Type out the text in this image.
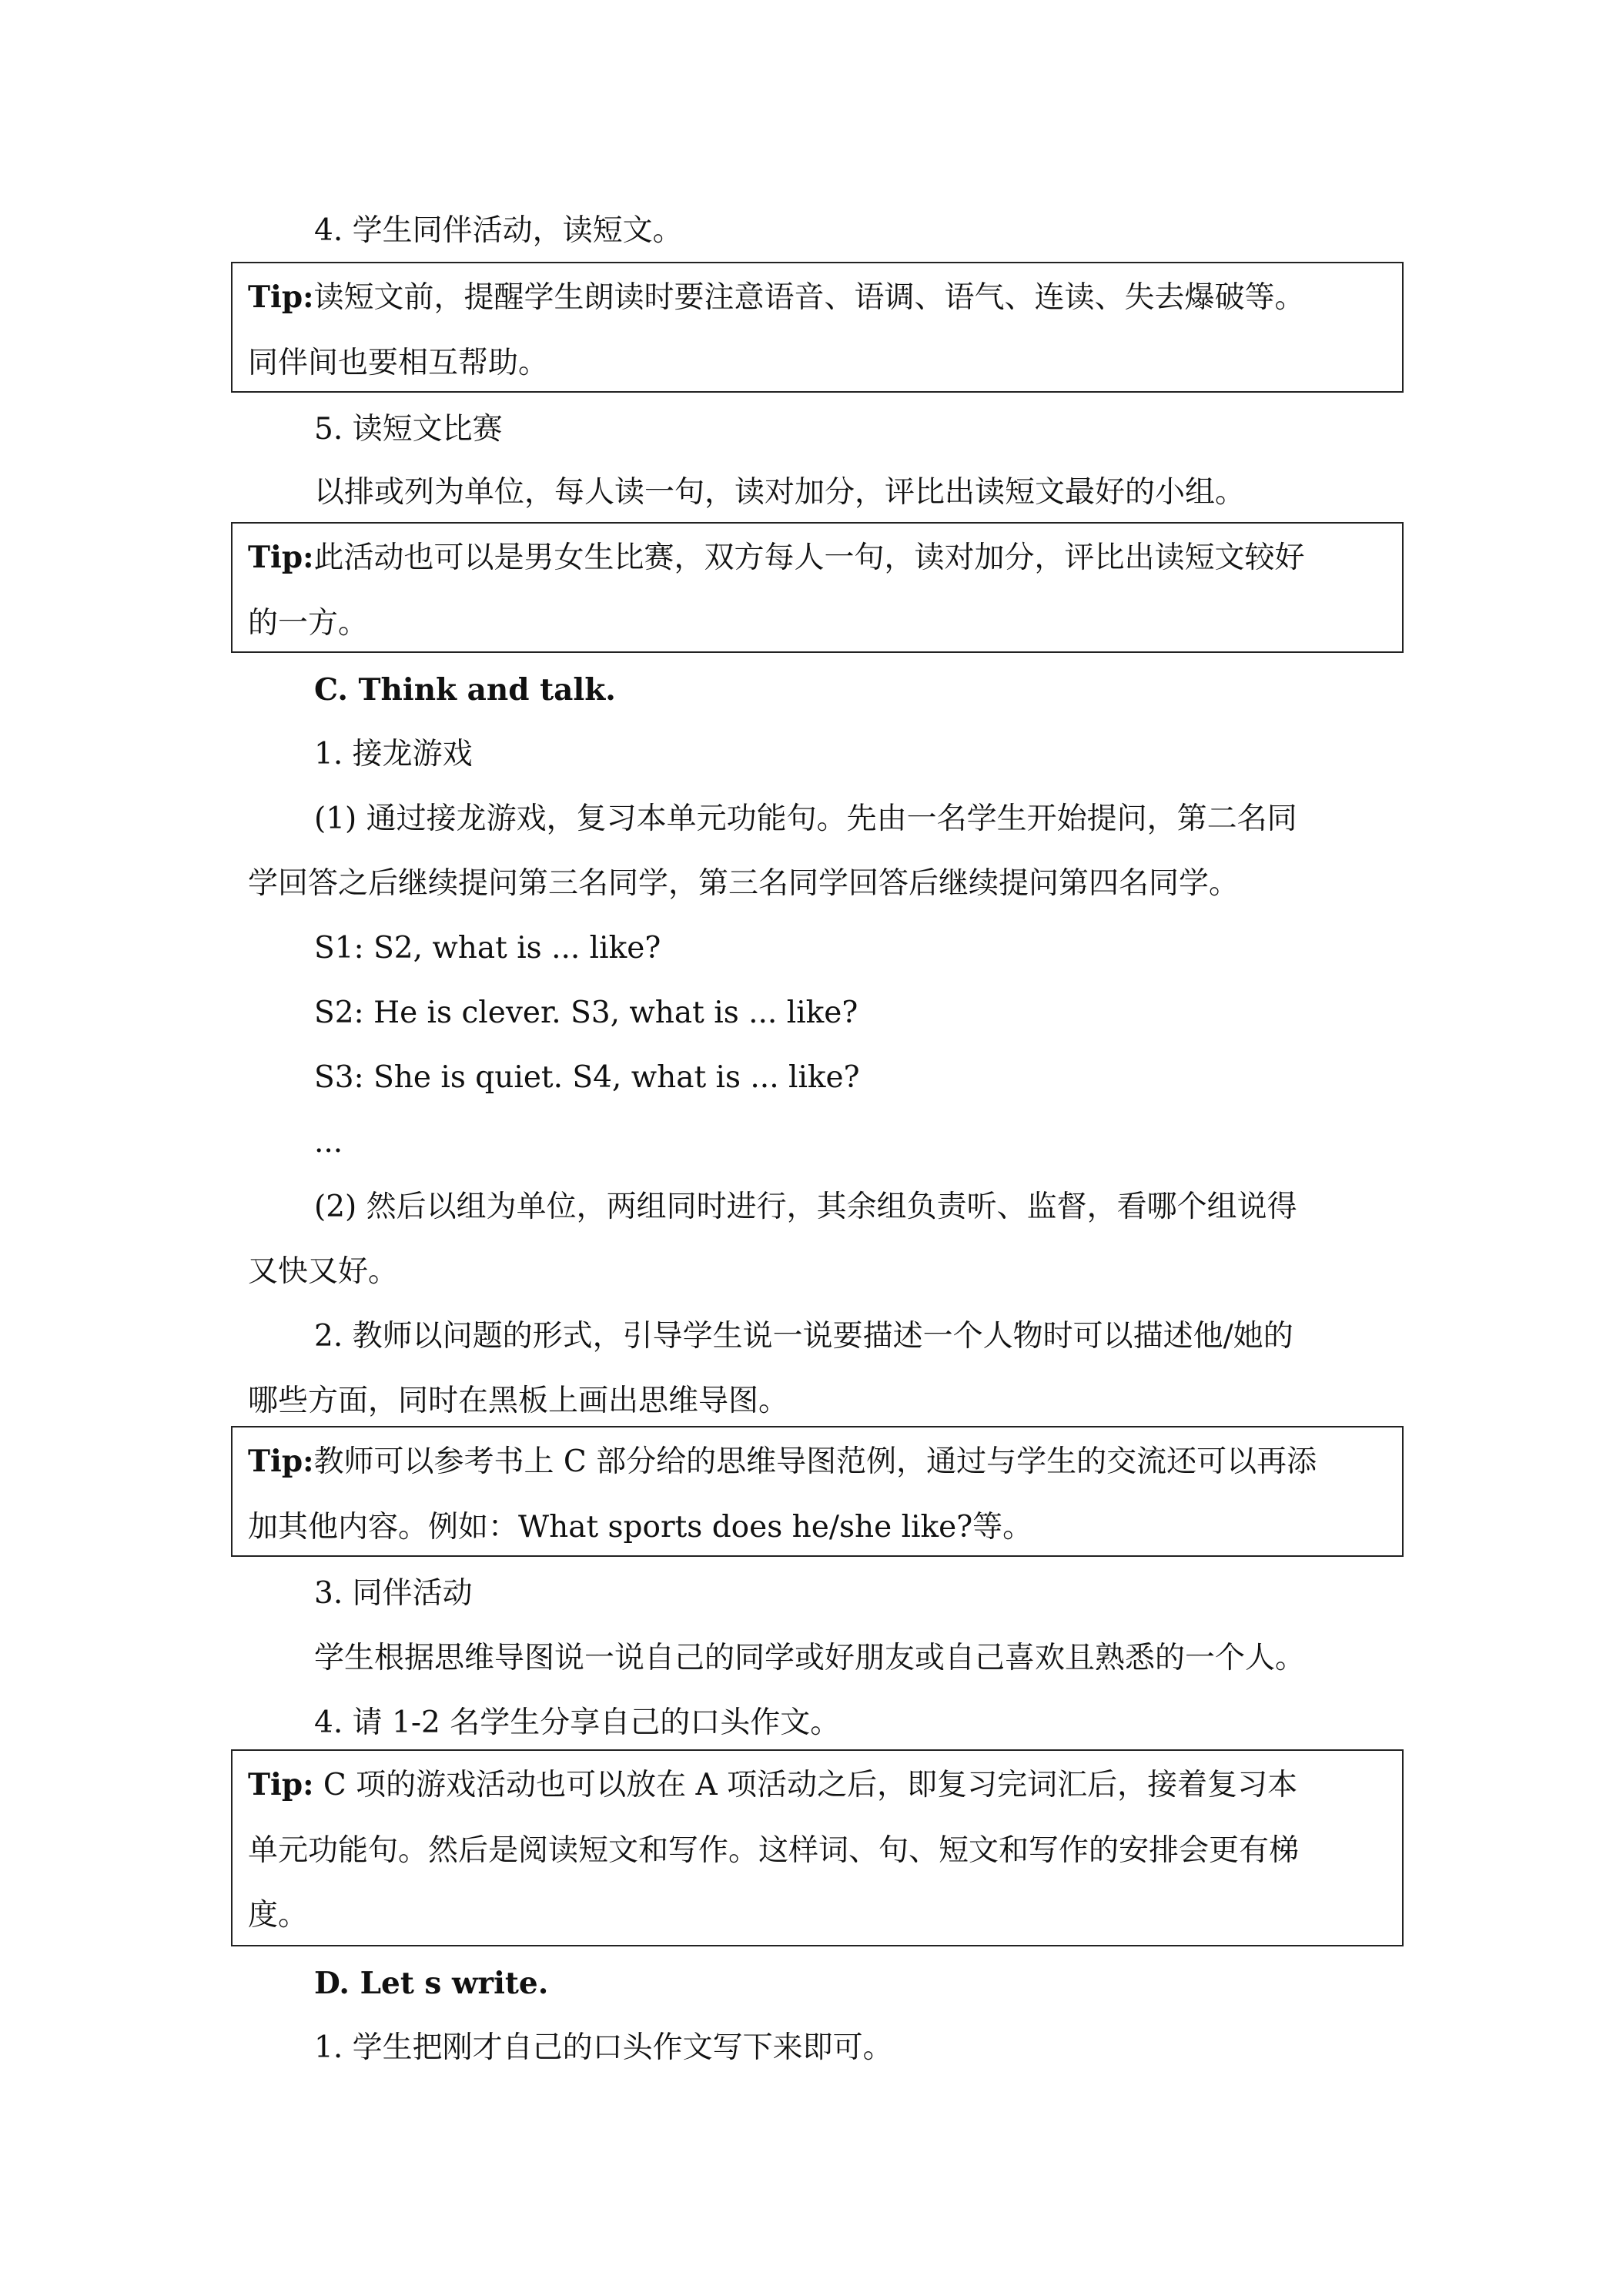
4. 学生同伴活动，读短文。
Tip:读短文前，提醒学生朗读时要注意语音、语调、语气、连读、失去爆破等。
同伴间也要相互帮助。
5. 读短文比赛
以排或列为单位，每人读一句，读对加分，评比出读短文最好的小组。
Tip:此活动也可以是男女生比赛，双方每人一句，读对加分，评比出读短文较好
的一方。
C. Think and talk.
1. 接龙游戏
(1) 通过接龙游戏，复习本单元功能句。先由一名学生开始提问，第二名同
学回答之后继续提问第三名同学，第三名同学回答后继续提问第四名同学。
S1: S2, what is ... like?
S2: He is clever. S3, what is ... like?
S3: She is quiet. S4, what is ... like?
...
(2) 然后以组为单位，两组同时进行，其余组负责听、监督，看哪个组说得
又快又好。
2. 教师以问题的形式，引导学生说一说要描述一个人物时可以描述他/她的
哪些方面，同时在黑板上画出思维导图。
Tip:教师可以参考书上 C 部分给的思维导图范例，通过与学生的交流还可以再添
加其他内容。例如：What sports does he/she like?等。
3. 同伴活动
学生根据思维导图说一说自己的同学或好朋友或自己喜欢且熟悉的一个人。
4. 请 1-2 名学生分享自己的口头作文。
Tip: C 项的游戏活动也可以放在 A 项活动之后，即复习完词汇后，接着复习本
单元功能句。然后是阅读短文和写作。这样词、句、短文和写作的安排会更有梯
度。
D. Let s write.
1. 学生把刚才自己的口头作文写下来即可。
